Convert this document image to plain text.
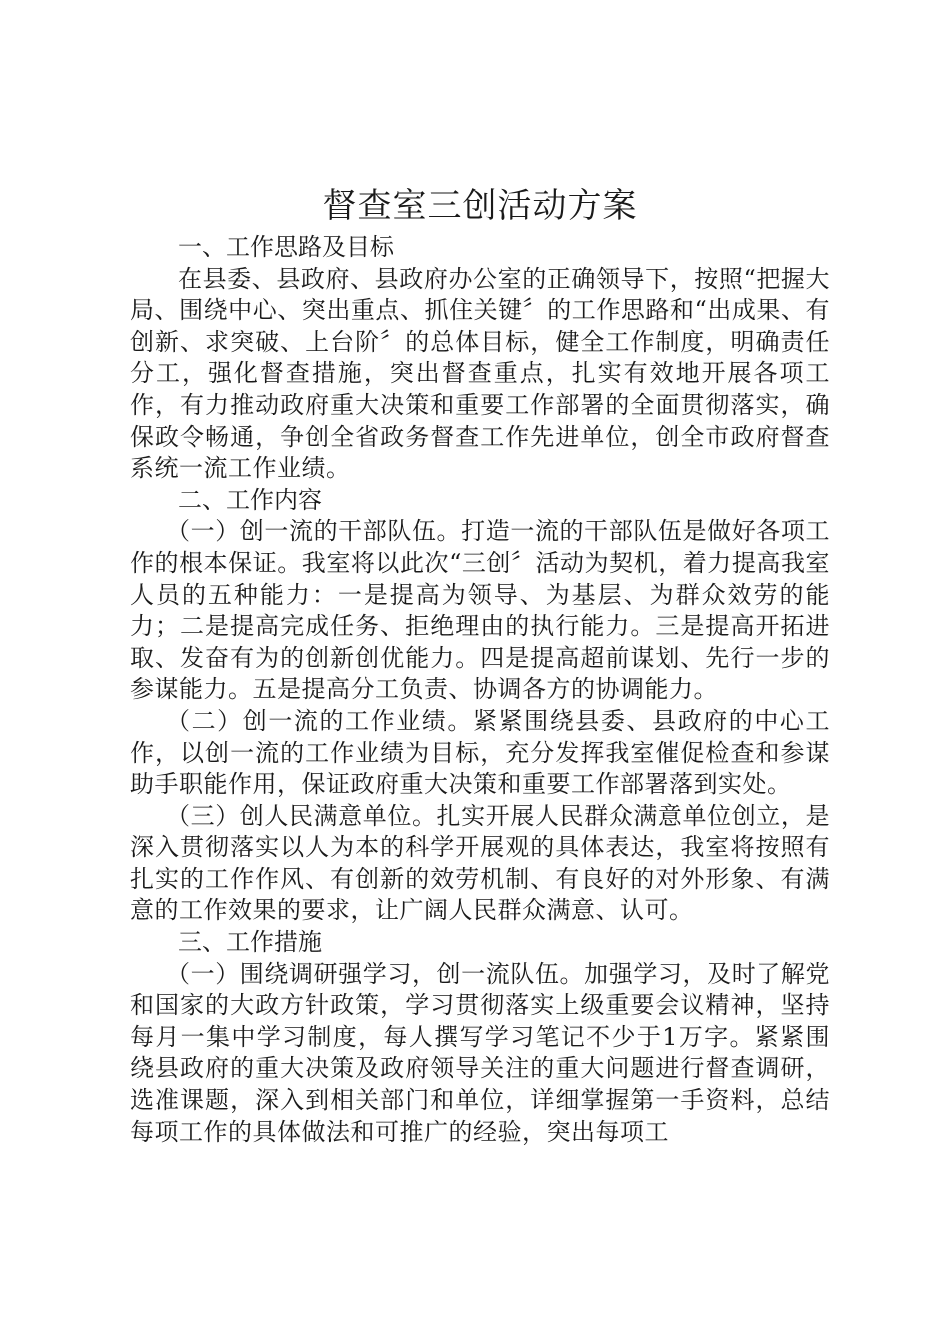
督查室三创活动方案

一、工作思路及目标

在县委、县政府、县政府办公室的正确领导下，按照“把握大局、围绕中心、突出重点、抓住关键〞的工作思路和“出成果、有创新、求突破、上台阶〞的总体目标，健全工作制度，明确责任分工，强化督查措施，突出督查重点，扎实有效地开展各项工作，有力推动政府重大决策和重要工作部署的全面贯彻落实，确保政令畅通，争创全省政务督查工作先进单位，创全市政府督查系统一流工作业绩。

二、工作内容

（一）创一流的干部队伍。打造一流的干部队伍是做好各项工作的根本保证。我室将以此次“三创〞活动为契机，着力提高我室人员的五种能力：一是提高为领导、为基层、为群众效劳的能力；二是提高完成任务、拒绝理由的执行能力。三是提高开拓进取、发奋有为的创新创优能力。四是提高超前谋划、先行一步的参谋能力。五是提高分工负责、协调各方的协调能力。

（二）创一流的工作业绩。紧紧围绕县委、县政府的中心工作，以创一流的工作业绩为目标，充分发挥我室催促检查和参谋助手职能作用，保证政府重大决策和重要工作部署落到实处。

（三）创人民满意单位。扎实开展人民群众满意单位创立，是深入贯彻落实以人为本的科学开展观的具体表达，我室将按照有扎实的工作作风、有创新的效劳机制、有良好的对外形象、有满意的工作效果的要求，让广阔人民群众满意、认可。

三、工作措施

（一）围绕调研强学习，创一流队伍。加强学习，及时了解党和国家的大政方针政策，学习贯彻落实上级重要会议精神，坚持每月一集中学习制度，每人撰写学习笔记不少于1万字。紧紧围绕县政府的重大决策及政府领导关注的重大问题进行督查调研，选准课题，深入到相关部门和单位，详细掌握第一手资料，总结每项工作的具体做法和可推广的经验，突出每项工
